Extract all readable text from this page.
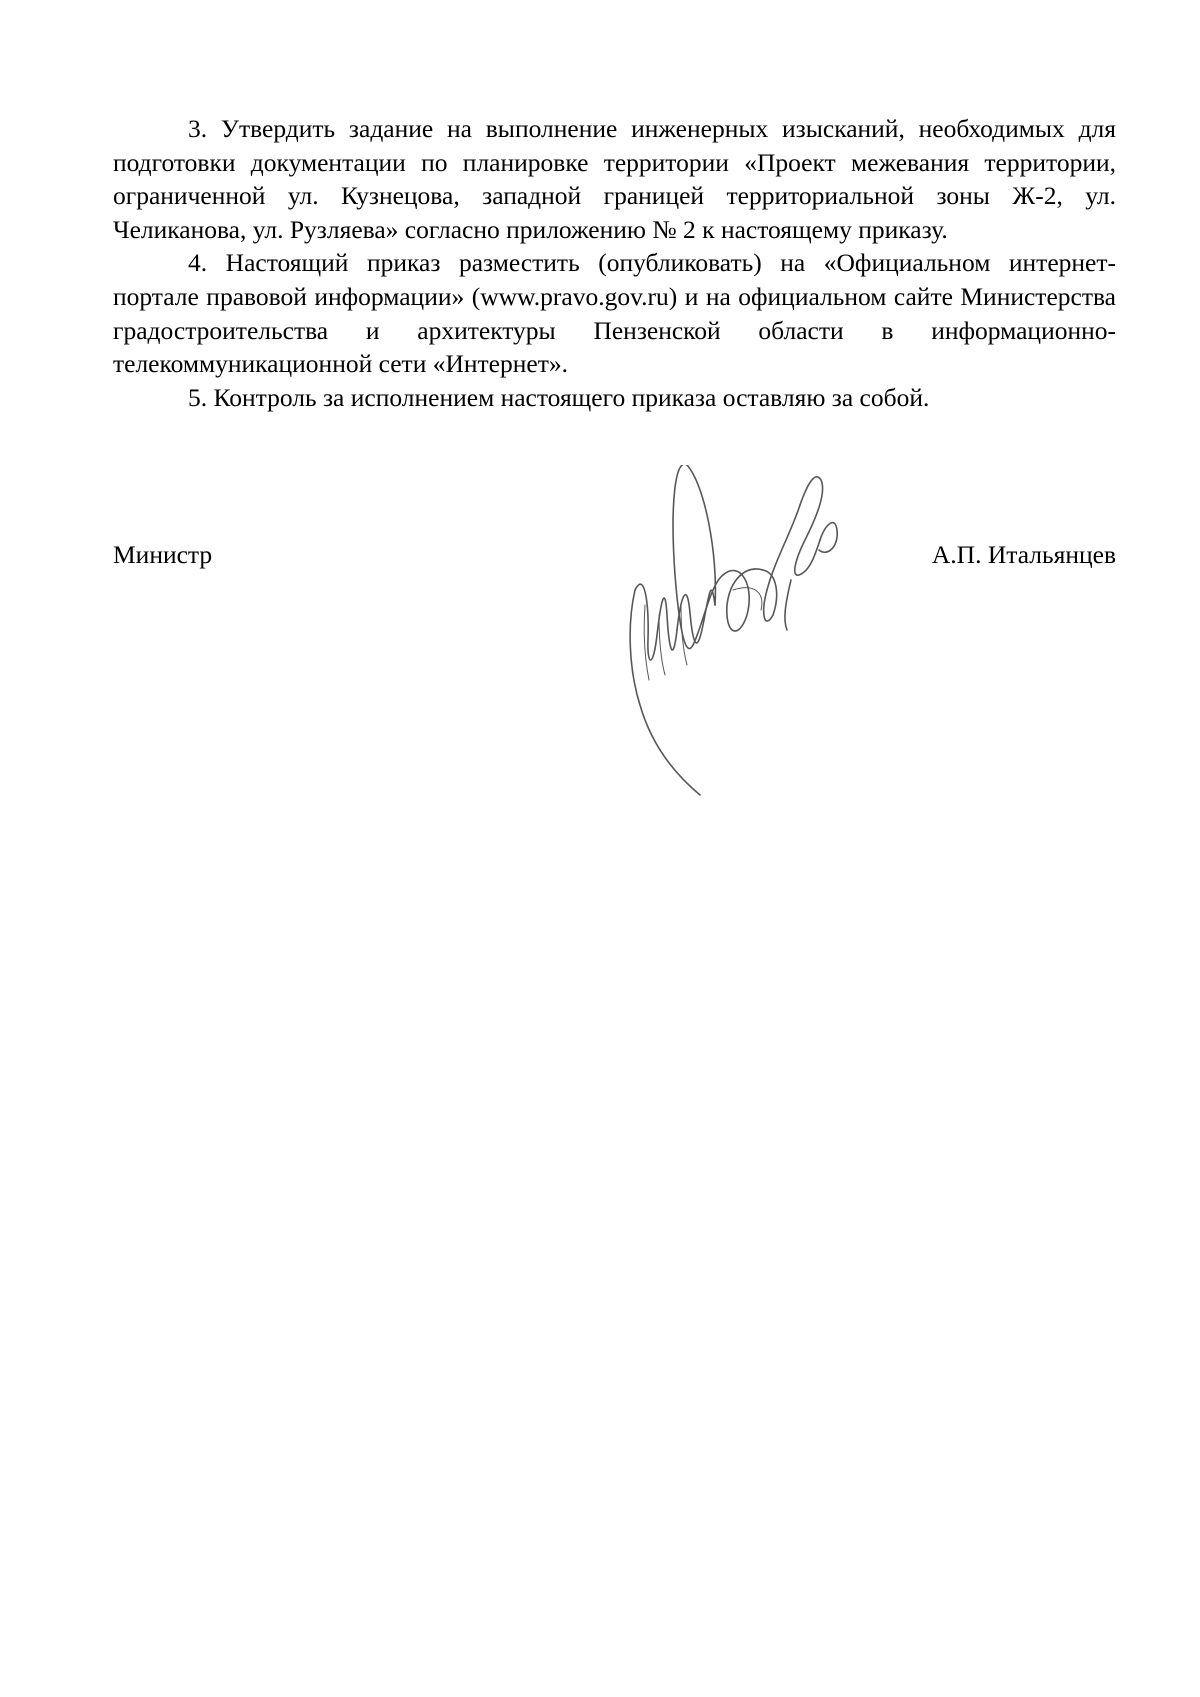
3. Утвердить задание на выполнение инженерных изысканий, необходимых для подготовки документации по планировке территории «Проект межевания территории, ограниченной ул. Кузнецова, западной границей территориальной зоны Ж-2, ул. Челиканова, ул. Рузляева» согласно приложению № 2 к настоящему приказу.

4. Настоящий приказ разместить (опубликовать) на «Официальном интернет-портале правовой информации» (www.pravo.gov.ru) и на официальном сайте Министерства градостроительства и архитектуры Пензенской области в информационно-телекоммуникационной сети «Интернет».

5. Контроль за исполнением настоящего приказа оставляю за собой.

Министр	А.П. Итальянцев
